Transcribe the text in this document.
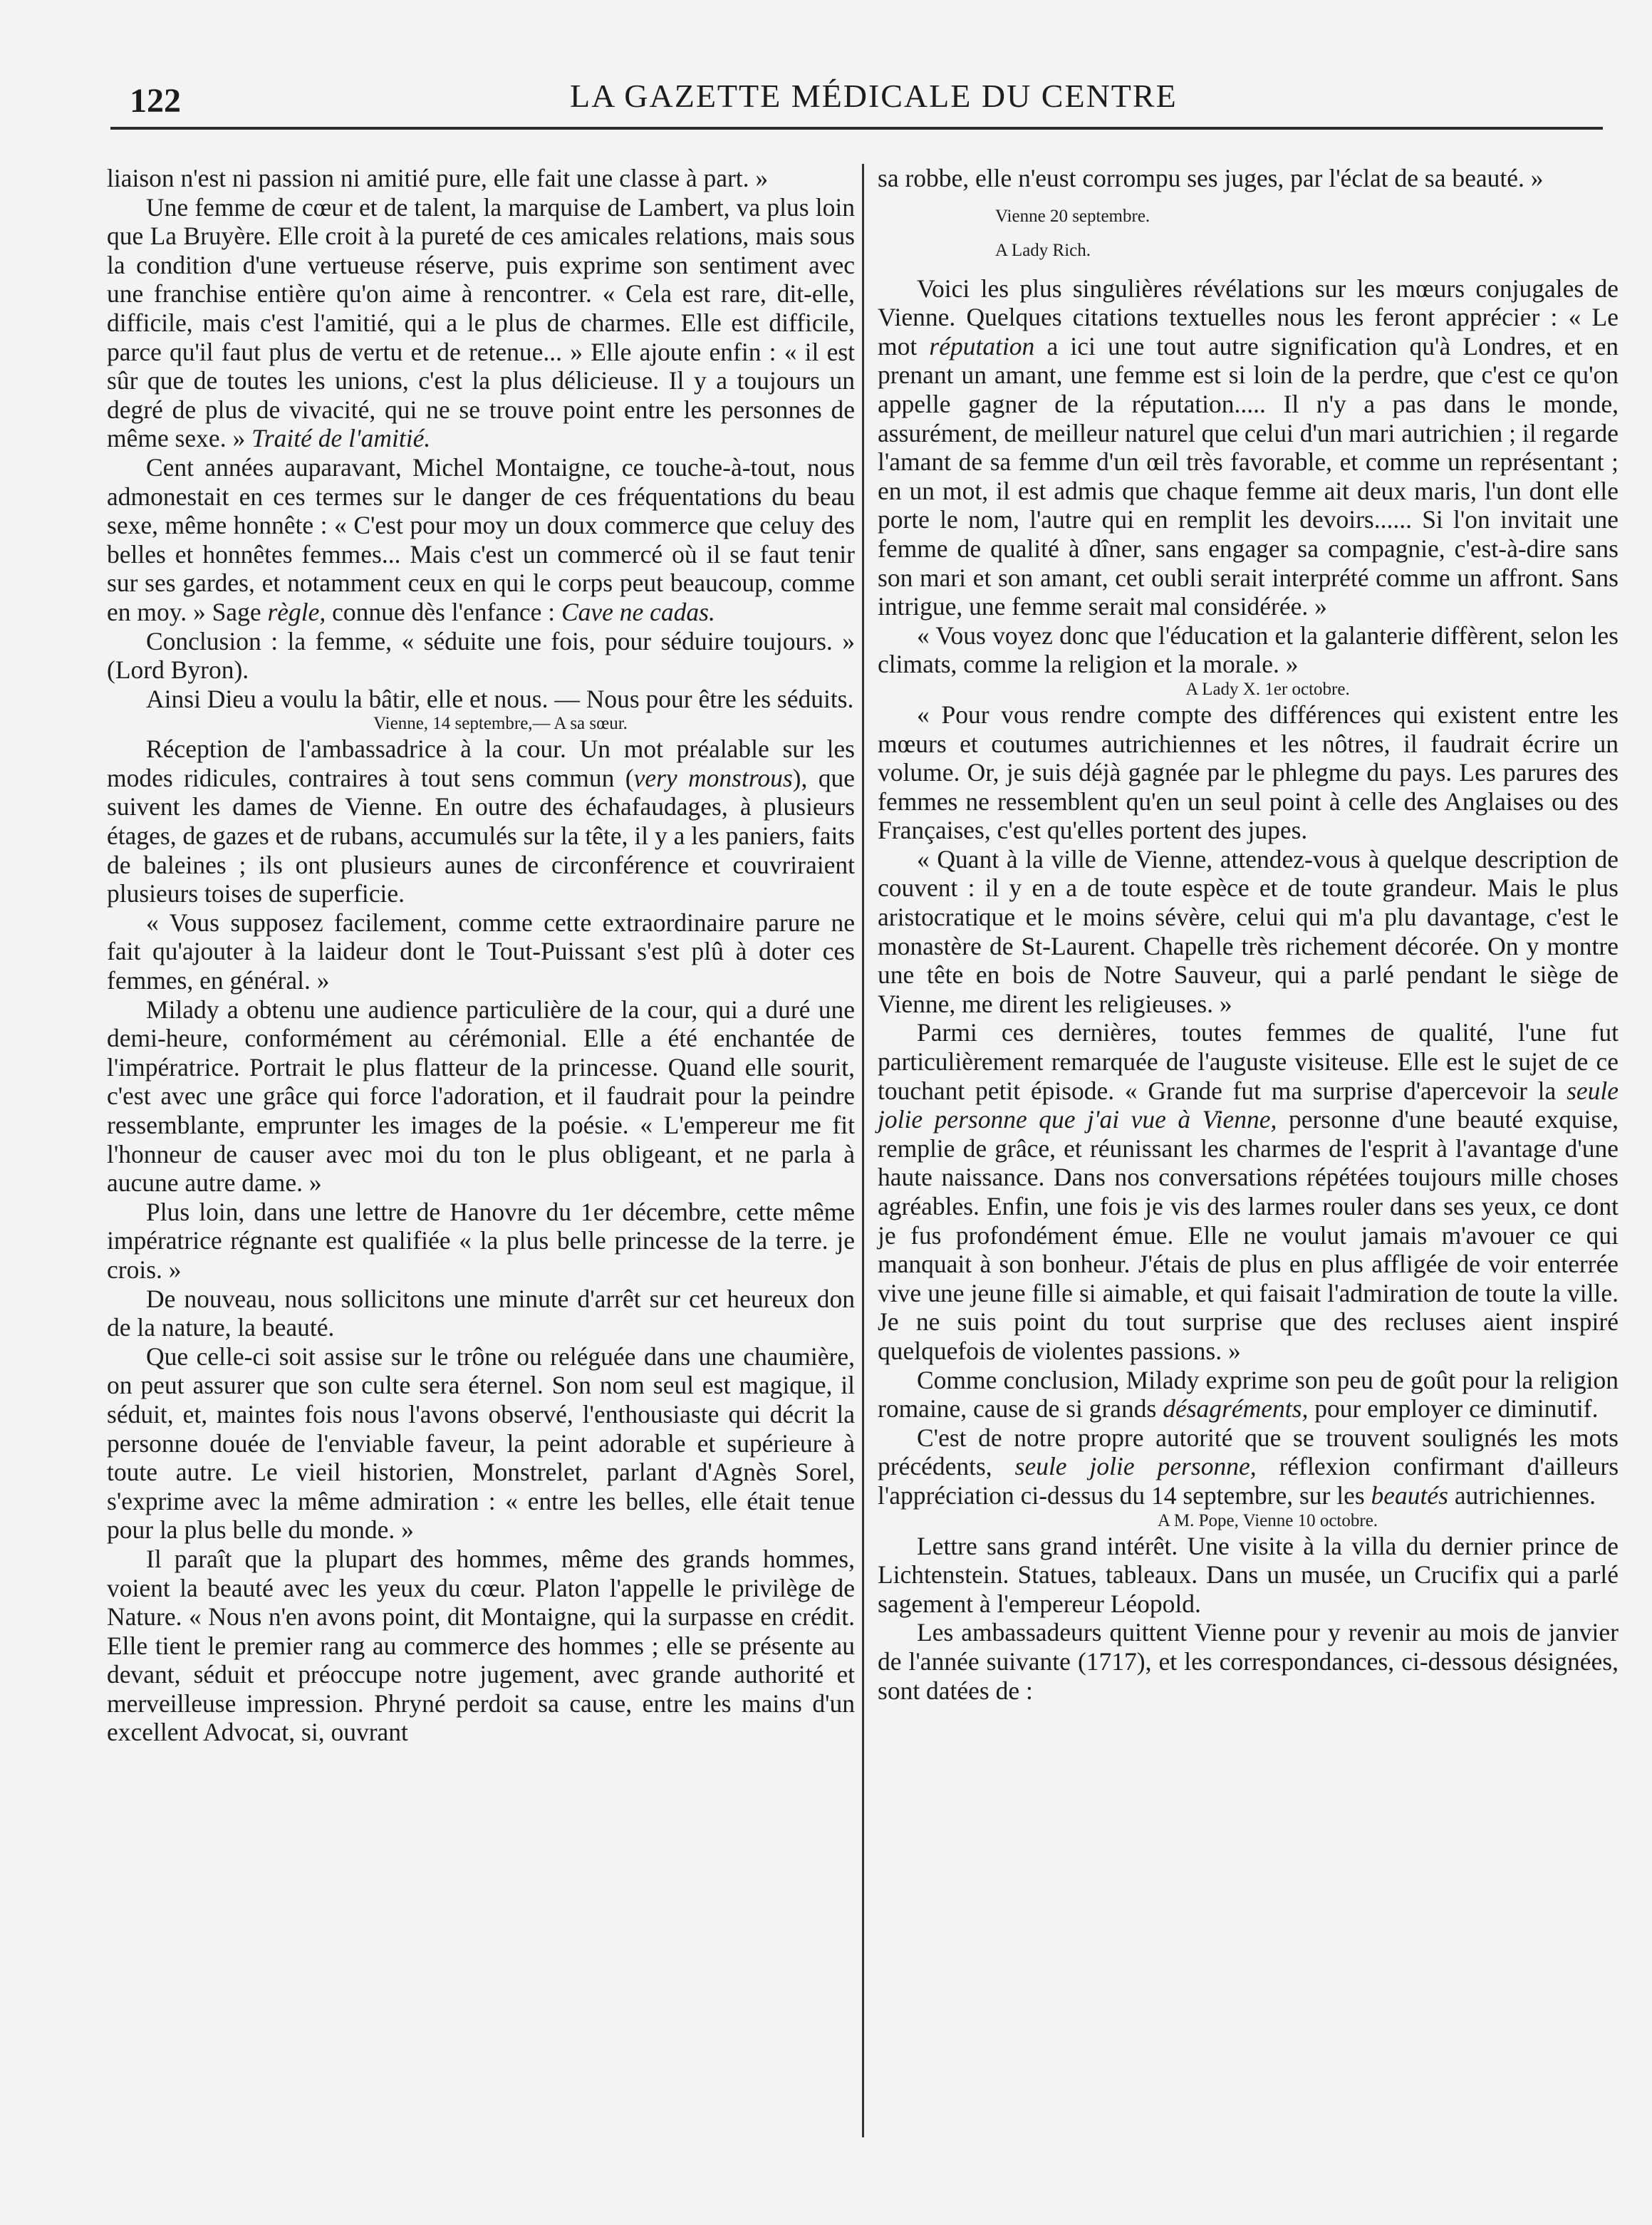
122	LA GAZETTE MÉDICALE DU CENTRE

liaison n'est ni passion ni amitié pure, elle fait une classe à part. »

Une femme de cœur et de talent, la marquise de Lambert, va plus loin que La Bruyère. Elle croit à la pureté de ces amicales relations, mais sous la condition d'une vertueuse réserve, puis exprime son sentiment avec une franchise entière qu'on aime à rencontrer. « Cela est rare, dit-elle, difficile, mais c'est l'amitié, qui a le plus de charmes. Elle est difficile, parce qu'il faut plus de vertu et de retenue... » Elle ajoute enfin : « il est sûr que de toutes les unions, c'est la plus délicieuse. Il y a toujours un degré de plus de vivacité, qui ne se trouve point entre les personnes de même sexe. » Traité de l'amitié.

Cent années auparavant, Michel Montaigne, ce touche-à-tout, nous admonestait en ces termes sur le danger de ces fréquentations du beau sexe, même honnête : « C'est pour moy un doux commerce que celuy des belles et honnêtes femmes... Mais c'est un commercé où il se faut tenir sur ses gardes, et notamment ceux en qui le corps peut beaucoup, comme en moy. » Sage règle, connue dès l'enfance : Cave ne cadas.

Conclusion : la femme, « séduite une fois, pour séduire toujours. » (Lord Byron).

Ainsi Dieu a voulu la bâtir, elle et nous. — Nous pour être les séduits.

Vienne, 14 septembre,— A sa sœur.

Réception de l'ambassadrice à la cour. Un mot préalable sur les modes ridicules, contraires à tout sens commun (very monstrous), que suivent les dames de Vienne. En outre des échafaudages, à plusieurs étages, de gazes et de rubans, accumulés sur la tête, il y a les paniers, faits de baleines ; ils ont plusieurs aunes de circonférence et couvriraient plusieurs toises de superficie.

« Vous supposez facilement, comme cette extraordinaire parure ne fait qu'ajouter à la laideur dont le Tout-Puissant s'est plû à doter ces femmes, en général. »

Milady a obtenu une audience particulière de la cour, qui a duré une demi-heure, conformément au cérémonial. Elle a été enchantée de l'impératrice. Portrait le plus flatteur de la princesse. Quand elle sourit, c'est avec une grâce qui force l'adoration, et il faudrait pour la peindre ressemblante, emprunter les images de la poésie. « L'empereur me fit l'honneur de causer avec moi du ton le plus obligeant, et ne parla à aucune autre dame. »

Plus loin, dans une lettre de Hanovre du 1er décembre, cette même impératrice régnante est qualifiée « la plus belle princesse de la terre. je crois. »

De nouveau, nous sollicitons une minute d'arrêt sur cet heureux don de la nature, la beauté.

Que celle-ci soit assise sur le trône ou reléguée dans une chaumière, on peut assurer que son culte sera éternel. Son nom seul est magique, il séduit, et, maintes fois nous l'avons observé, l'enthousiaste qui décrit la personne douée de l'enviable faveur, la peint adorable et supérieure à toute autre. Le vieil historien, Monstrelet, parlant d'Agnès Sorel, s'exprime avec la même admiration : « entre les belles, elle était tenue pour la plus belle du monde. »

Il paraît que la plupart des hommes, même des grands hommes, voient la beauté avec les yeux du cœur. Platon l'appelle le privilège de Nature. « Nous n'en avons point, dit Montaigne, qui la surpasse en crédit. Elle tient le premier rang au commerce des hommes ; elle se présente au devant, séduit et préoccupe notre jugement, avec grande authorité et merveilleuse impression. Phryné perdoit sa cause, entre les mains d'un excellent Advocat, si, ouvrant

sa robbe, elle n'eust corrompu ses juges, par l'éclat de sa beauté. »

Vienne 20 septembre.

A Lady Rich.

Voici les plus singulières révélations sur les mœurs conjugales de Vienne. Quelques citations textuelles nous les feront apprécier : « Le mot réputation a ici une tout autre signification qu'à Londres, et en prenant un amant, une femme est si loin de la perdre, que c'est ce qu'on appelle gagner de la réputation..... Il n'y a pas dans le monde, assurément, de meilleur naturel que celui d'un mari autrichien ; il regarde l'amant de sa femme d'un œil très favorable, et comme un représentant ; en un mot, il est admis que chaque femme ait deux maris, l'un dont elle porte le nom, l'autre qui en remplit les devoirs...... Si l'on invitait une femme de qualité à dîner, sans engager sa compagnie, c'est-à-dire sans son mari et son amant, cet oubli serait interprété comme un affront. Sans intrigue, une femme serait mal considérée. »

« Vous voyez donc que l'éducation et la galanterie diffèrent, selon les climats, comme la religion et la morale. »

A Lady X. 1er octobre.

« Pour vous rendre compte des différences qui existent entre les mœurs et coutumes autrichiennes et les nôtres, il faudrait écrire un volume. Or, je suis déjà gagnée par le phlegme du pays. Les parures des femmes ne ressemblent qu'en un seul point à celle des Anglaises ou des Françaises, c'est qu'elles portent des jupes.

« Quant à la ville de Vienne, attendez-vous à quelque description de couvent : il y en a de toute espèce et de toute grandeur. Mais le plus aristocratique et le moins sévère, celui qui m'a plu davantage, c'est le monastère de St-Laurent. Chapelle très richement décorée. On y montre une tête en bois de Notre Sauveur, qui a parlé pendant le siège de Vienne, me dirent les religieuses. »

Parmi ces dernières, toutes femmes de qualité, l'une fut particulièrement remarquée de l'auguste visiteuse. Elle est le sujet de ce touchant petit épisode. « Grande fut ma surprise d'apercevoir la seule jolie personne que j'ai vue à Vienne, personne d'une beauté exquise, remplie de grâce, et réunissant les charmes de l'esprit à l'avantage d'une haute naissance. Dans nos conversations répétées toujours mille choses agréables. Enfin, une fois je vis des larmes rouler dans ses yeux, ce dont je fus profondément émue. Elle ne voulut jamais m'avouer ce qui manquait à son bonheur. J'étais de plus en plus affligée de voir enterrée vive une jeune fille si aimable, et qui faisait l'admiration de toute la ville. Je ne suis point du tout surprise que des recluses aient inspiré quelquefois de violentes passions. »

Comme conclusion, Milady exprime son peu de goût pour la religion romaine, cause de si grands désagréments, pour employer ce diminutif.

C'est de notre propre autorité que se trouvent soulignés les mots précédents, seule jolie personne, réflexion confirmant d'ailleurs l'appréciation ci-dessus du 14 septembre, sur les beautés autrichiennes.

A M. Pope, Vienne 10 octobre.

Lettre sans grand intérêt. Une visite à la villa du dernier prince de Lichtenstein. Statues, tableaux. Dans un musée, un Crucifix qui a parlé sagement à l'empereur Léopold.

Les ambassadeurs quittent Vienne pour y revenir au mois de janvier de l'année suivante (1717), et les correspondances, ci-dessous désignées, sont datées de :
